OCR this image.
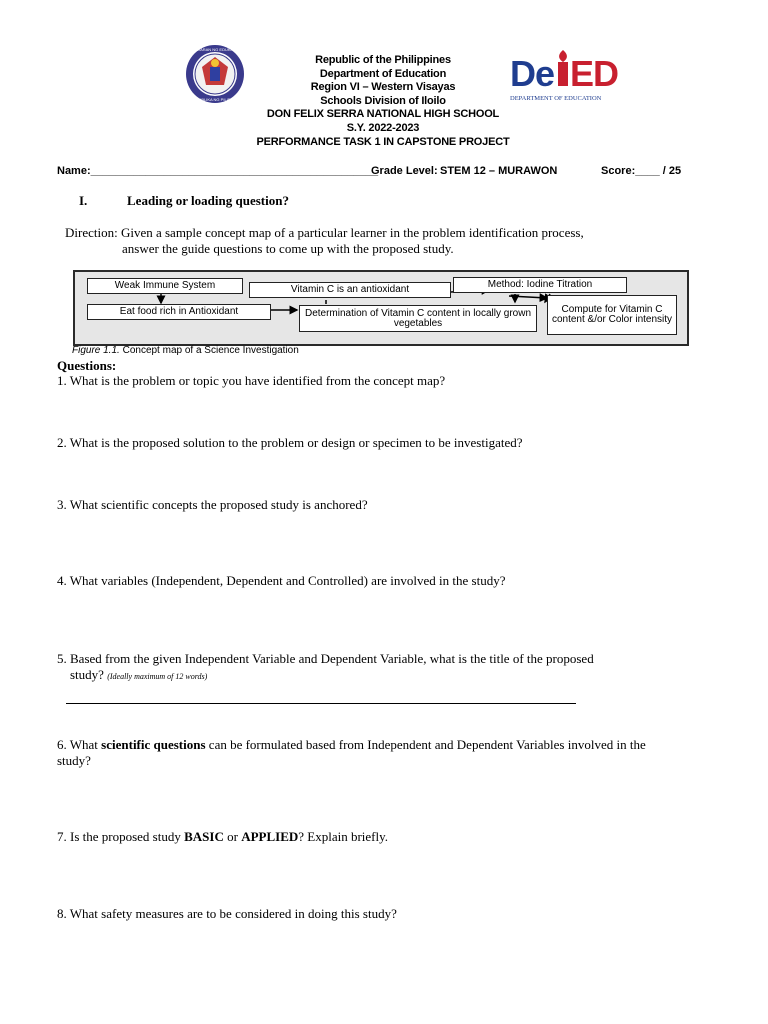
KAGAWARAN NG EDUKASYON
REPUBLIKA NG PILIPINAS
Republic of the Philippines
Department of Education
Region VI – Western Visayas
Schools Division of Iloilo
DON FELIX SERRA NATIONAL HIGH SCHOOL
S.Y. 2022-2023
PERFORMANCE TASK 1 IN CAPSTONE PROJECT
De ED
DEPARTMENT OF EDUCATION
Name:_______________________________________________
Grade Level: STEM 12 – MURAWON	Score:____ / 25
I.	Leading or loading question?
Direction: Given a sample concept map of a particular learner in the problem identification process,
answer the guide questions to come up with the proposed study.
Weak Immune System
Eat food rich in Antioxidant
Vitamin C is an antioxidant
Determination of Vitamin C content in locally grown vegetables
Method: Iodine Titration
Compute for Vitamin C content &/or Color intensity
Figure 1.1. Concept map of a Science Investigation
Questions:
1. What is the problem or topic you have identified from the concept map?
2. What is the proposed solution to the problem or design or specimen to be investigated?
3. What scientific concepts the proposed study is anchored?
4. What variables (Independent, Dependent and Controlled) are involved in the study?
5. Based from the given Independent Variable and Dependent Variable, what is the title of the proposed
study? (Ideally maximum of 12 words)
6. What scientific questions can be formulated based from Independent and Dependent Variables involved in the
study?
7. Is the proposed study BASIC or APPLIED? Explain briefly.
8. What safety measures are to be considered in doing this study?
